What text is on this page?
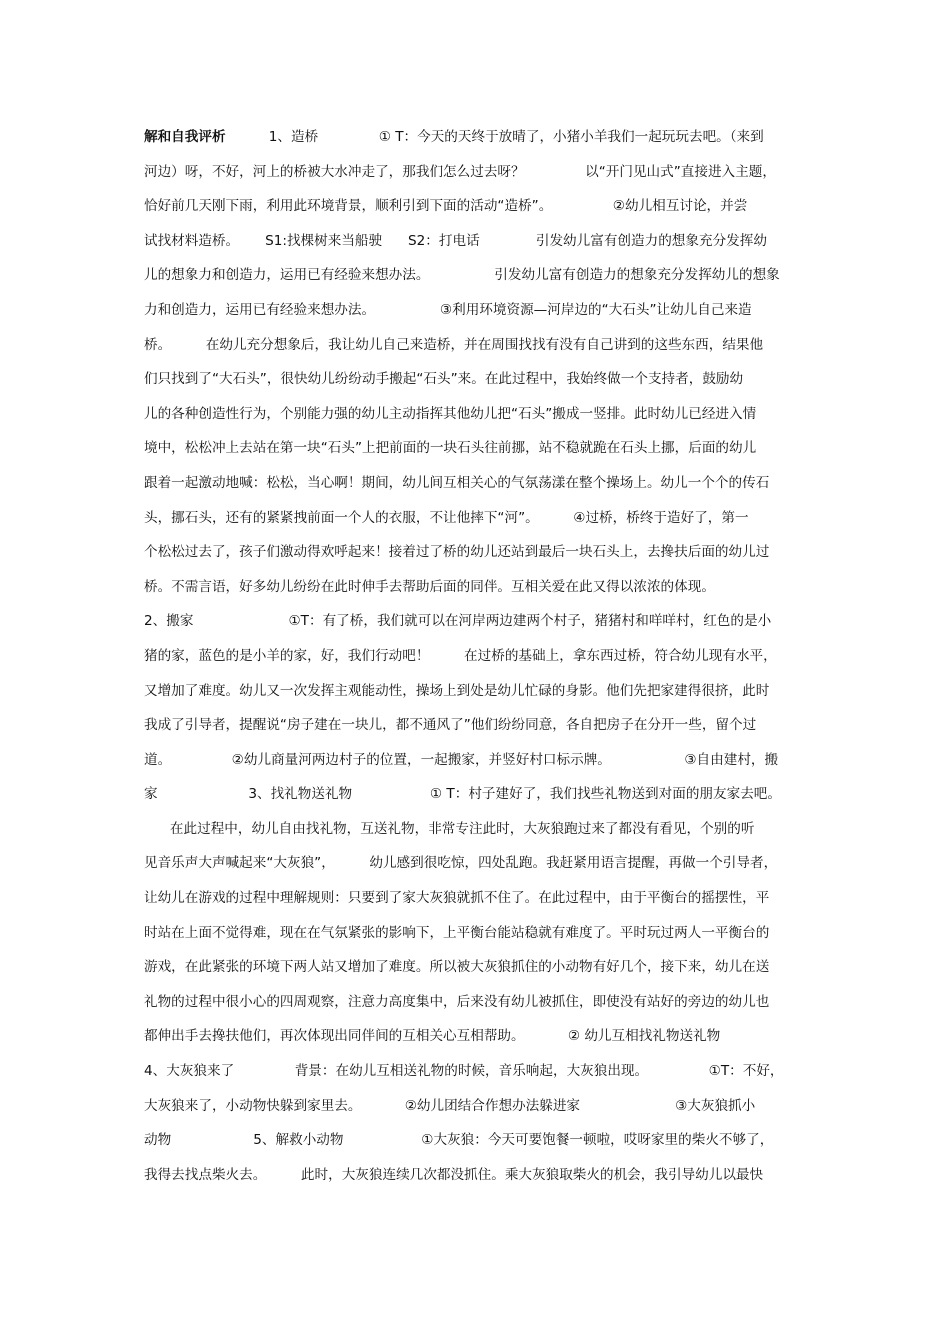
解和自我评析          1、造桥              ① T：今天的天终于放晴了，小猪小羊我们一起玩玩去吧。（来到
河边）呀，不好，河上的桥被大水冲走了，那我们怎么过去呀？              以“开门见山式”直接进入主题，
恰好前几天刚下雨，利用此环境背景，顺利引到下面的活动“造桥”。              ②幼儿相互讨论，并尝
试找材料造桥。      S1:找棵树来当船驶      S2：打电话             引发幼儿富有创造力的想象充分发挥幼
儿的想象力和创造力，运用已有经验来想办法。               引发幼儿富有创造力的想象充分发挥幼儿的想象
力和创造力，运用已有经验来想办法。               ③利用环境资源—河岸边的“大石头”让幼儿自己来造
桥。        在幼儿充分想象后，我让幼儿自己来造桥，并在周围找找有没有自己讲到的这些东西，结果他
们只找到了“大石头”，很快幼儿纷纷动手搬起“石头”来。在此过程中，我始终做一个支持者，鼓励幼
儿的各种创造性行为，个别能力强的幼儿主动指挥其他幼儿把“石头”搬成一竖排。此时幼儿已经进入情
境中，松松冲上去站在第一块“石头”上把前面的一块石头往前挪，站不稳就跪在石头上挪，后面的幼儿
跟着一起激动地喊：松松，当心啊！期间，幼儿间互相关心的气氛荡漾在整个操场上。幼儿一个个的传石
头，挪石头，还有的紧紧拽前面一个人的衣服，不让他摔下“河”。        ④过桥，桥终于造好了，第一
个松松过去了，孩子们激动得欢呼起来！接着过了桥的幼儿还站到最后一块石头上，去搀扶后面的幼儿过
桥。不需言语，好多幼儿纷纷在此时伸手去帮助后面的同伴。互相关爱在此又得以浓浓的体现。
2、搬家                      ①T：有了桥，我们就可以在河岸两边建两个村子，猪猪村和咩咩村，红色的是小
猪的家，蓝色的是小羊的家，好，我们行动吧！        在过桥的基础上，拿东西过桥，符合幼儿现有水平，
又增加了难度。幼儿又一次发挥主观能动性，操场上到处是幼儿忙碌的身影。他们先把家建得很挤，此时
我成了引导者，提醒说“房子建在一块儿，都不通风了”他们纷纷同意，各自把房子在分开一些，留个过
道。              ②幼儿商量河两边村子的位置，一起搬家，并竖好村口标示牌。                 ③自由建村，搬
家                     3、找礼物送礼物                  ① T：村子建好了，我们找些礼物送到对面的朋友家去吧。
在此过程中，幼儿自由找礼物，互送礼物，非常专注此时，大灰狼跑过来了都没有看见，个别的听
见音乐声大声喊起来“大灰狼”，        幼儿感到很吃惊，四处乱跑。我赶紧用语言提醒，再做一个引导者，
让幼儿在游戏的过程中理解规则：只要到了家大灰狼就抓不住了。在此过程中，由于平衡台的摇摆性，平
时站在上面不觉得难，现在在气氛紧张的影响下，上平衡台能站稳就有难度了。平时玩过两人一平衡台的
游戏，在此紧张的环境下两人站又增加了难度。所以被大灰狼抓住的小动物有好几个，接下来，幼儿在送
礼物的过程中很小心的四周观察，注意力高度集中，后来没有幼儿被抓住，即使没有站好的旁边的幼儿也
都伸出手去搀扶他们，再次体现出同伴间的互相关心互相帮助。          ② 幼儿互相找礼物送礼物
4、大灰狼来了              背景：在幼儿互相送礼物的时候，音乐响起，大灰狼出现。              ①T：不好，
大灰狼来了，小动物快躲到家里去。          ②幼儿团结合作想办法躲进家                      ③大灰狼抓小
动物                   5、解救小动物                  ①大灰狼：今天可要饱餐一顿啦，哎呀家里的柴火不够了，
我得去找点柴火去。        此时，大灰狼连续几次都没抓住。乘大灰狼取柴火的机会，我引导幼儿以最快
